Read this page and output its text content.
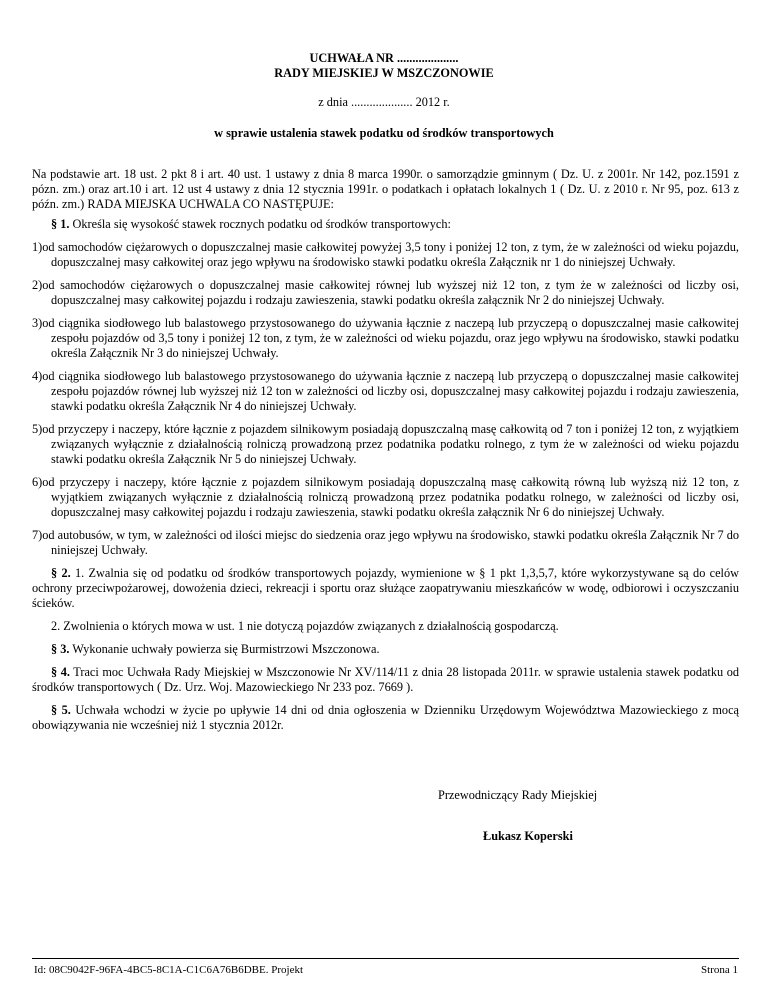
UCHWAŁA NR ....................
RADY MIEJSKIEJ W MSZCZONOWIE
z dnia .................... 2012 r.
w sprawie ustalenia stawek podatku od środków transportowych

Na podstawie art. 18 ust. 2 pkt 8 i art. 40 ust. 1 ustawy z dnia 8 marca 1990r. o samorządzie gminnym ( Dz. U. z 2001r. Nr 142, poz.1591 z pózn. zm.) oraz art.10 i art. 12 ust 4 ustawy z dnia 12 stycznia 1991r. o podatkach i opłatach lokalnych 1 ( Dz. U. z 2010 r. Nr 95, poz. 613 z późn. zm.) RADA MIEJSKA UCHWALA CO NASTĘPUJE:

§ 1. Określa się wysokość stawek rocznych podatku od środków transportowych:

1)od samochodów ciężarowych o dopuszczalnej masie całkowitej powyżej 3,5 tony i poniżej 12 ton, z tym, że w zależności od wieku pojazdu, dopuszczalnej masy całkowitej oraz jego wpływu na środowisko stawki podatku określa Załącznik nr 1 do niniejszej Uchwały.

2)od samochodów ciężarowych o dopuszczalnej masie całkowitej równej lub wyższej niż 12 ton, z tym że w zależności od liczby osi, dopuszczalnej masy całkowitej pojazdu i rodzaju zawieszenia, stawki podatku określa załącznik Nr 2 do niniejszej Uchwały.

3)od ciągnika siodłowego lub balastowego przystosowanego do używania łącznie z naczepą lub przyczepą o dopuszczalnej masie całkowitej zespołu pojazdów od 3,5 tony i poniżej 12 ton, z tym, że w zależności od wieku pojazdu, oraz jego wpływu na środowisko, stawki podatku określa Załącznik Nr 3 do niniejszej Uchwały.

4)od ciągnika siodłowego lub balastowego przystosowanego do używania łącznie z naczepą lub przyczepą o dopuszczalnej masie całkowitej zespołu pojazdów równej lub wyższej niż 12 ton w zależności od liczby osi, dopuszczalnej masy całkowitej pojazdu i rodzaju zawieszenia, stawki podatku określa Załącznik Nr 4 do niniejszej Uchwały.

5)od przyczepy i naczepy, które łącznie z pojazdem silnikowym posiadają dopuszczalną masę całkowitą od 7 ton i poniżej 12 ton, z wyjątkiem związanych wyłącznie z działalnością rolniczą prowadzoną przez podatnika podatku rolnego, z tym że w zależności od wieku pojazdu stawki podatku określa Załącznik Nr 5 do niniejszej Uchwały.

6)od przyczepy i naczepy, które łącznie z pojazdem silnikowym posiadają dopuszczalną masę całkowitą równą lub wyższą niż 12 ton, z wyjątkiem związanych wyłącznie z działalnością rolniczą prowadzoną przez podatnika podatku rolnego, w zależności od liczby osi, dopuszczalnej masy całkowitej pojazdu i rodzaju zawieszenia, stawki podatku określa załącznik Nr 6 do niniejszej Uchwały.

7)od autobusów, w tym, w zależności od ilości miejsc do siedzenia oraz jego wpływu na środowisko, stawki podatku określa Załącznik Nr 7 do niniejszej Uchwały.

§ 2. 1. Zwalnia się od podatku od środków transportowych pojazdy, wymienione w § 1 pkt 1,3,5,7, które wykorzystywane są do celów ochrony przeciwpożarowej, dowożenia dzieci, rekreacji i sportu oraz służące zaopatrywaniu mieszkańców w wodę, odbiorowi i oczyszczaniu ścieków.

2. Zwolnienia o których mowa w ust. 1 nie dotyczą pojazdów związanych z działalnością gospodarczą.

§ 3. Wykonanie uchwały powierza się Burmistrzowi Mszczonowa.

§ 4. Traci moc Uchwała Rady Miejskiej w Mszczonowie Nr XV/114/11 z dnia 28 listopada 2011r. w sprawie ustalenia stawek podatku od środków transportowych ( Dz. Urz. Woj. Mazowieckiego Nr 233 poz. 7669 ).

§ 5. Uchwała wchodzi w życie po upływie 14 dni od dnia ogłoszenia w Dzienniku Urzędowym Województwa Mazowieckiego z mocą obowiązywania nie wcześniej niż 1 stycznia 2012r.

Przewodniczący Rady Miejskiej
Łukasz Koperski
Id: 08C9042F-96FA-4BC5-8C1A-C1C6A76B6DBE. Projekt	Strona 1
